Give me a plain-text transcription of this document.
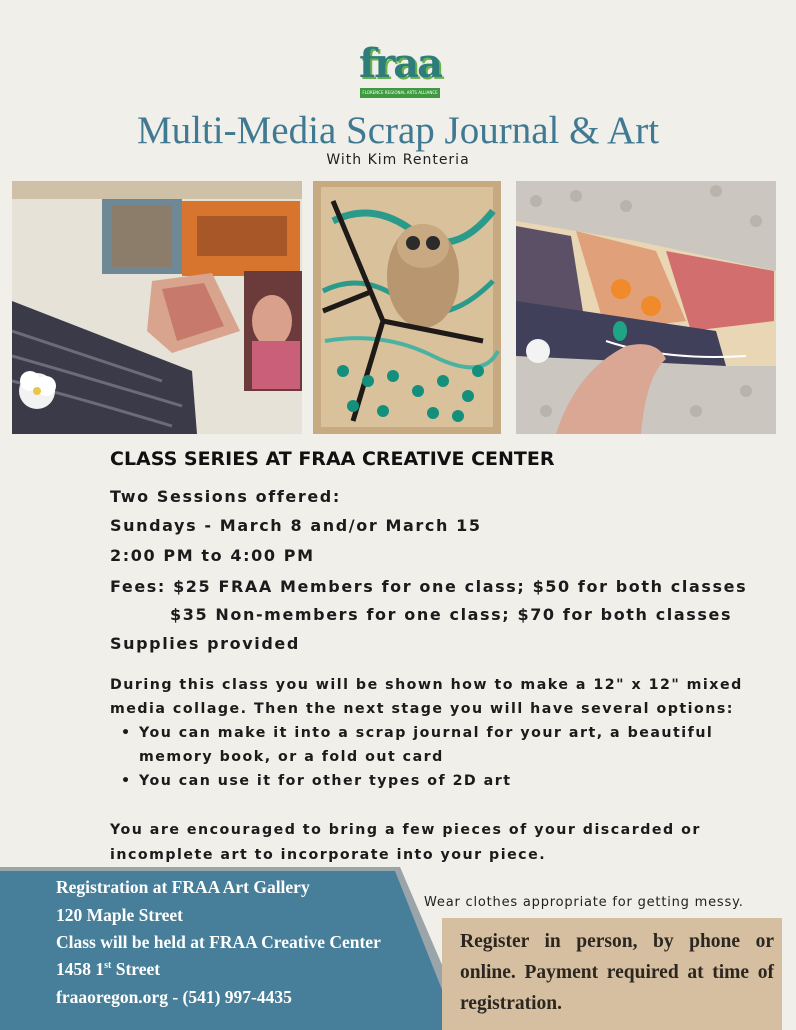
fraa
FLORENCE REGIONAL ARTS ALLIANCE
Multi-Media Scrap Journal & Art
With Kim Renteria
CLASS SERIES AT FRAA CREATIVE CENTER
Two Sessions offered:
Sundays - March 8 and/or March 15
2:00 PM to 4:00 PM
Fees: $25 FRAA Members for one class; $50 for both classes
$35 Non-members for one class; $70 for both classes
Supplies provided
During this class you will be shown how to make a 12" x 12" mixed
media collage. Then the next stage you will have several options:
• You can make it into a scrap journal for your art, a beautiful
memory book, or a fold out card
• You can use it for other types of 2D art
You are encouraged to bring a few pieces of your discarded or
incomplete art to incorporate into your piece.
Registration at FRAA Art Gallery
120 Maple Street
Class will be held at FRAA Creative Center
1458 1st Street
fraaoregon.org - (541) 997-4435
Wear clothes appropriate for getting messy.
Register in person, by phone or online. Payment required at time of registration.
